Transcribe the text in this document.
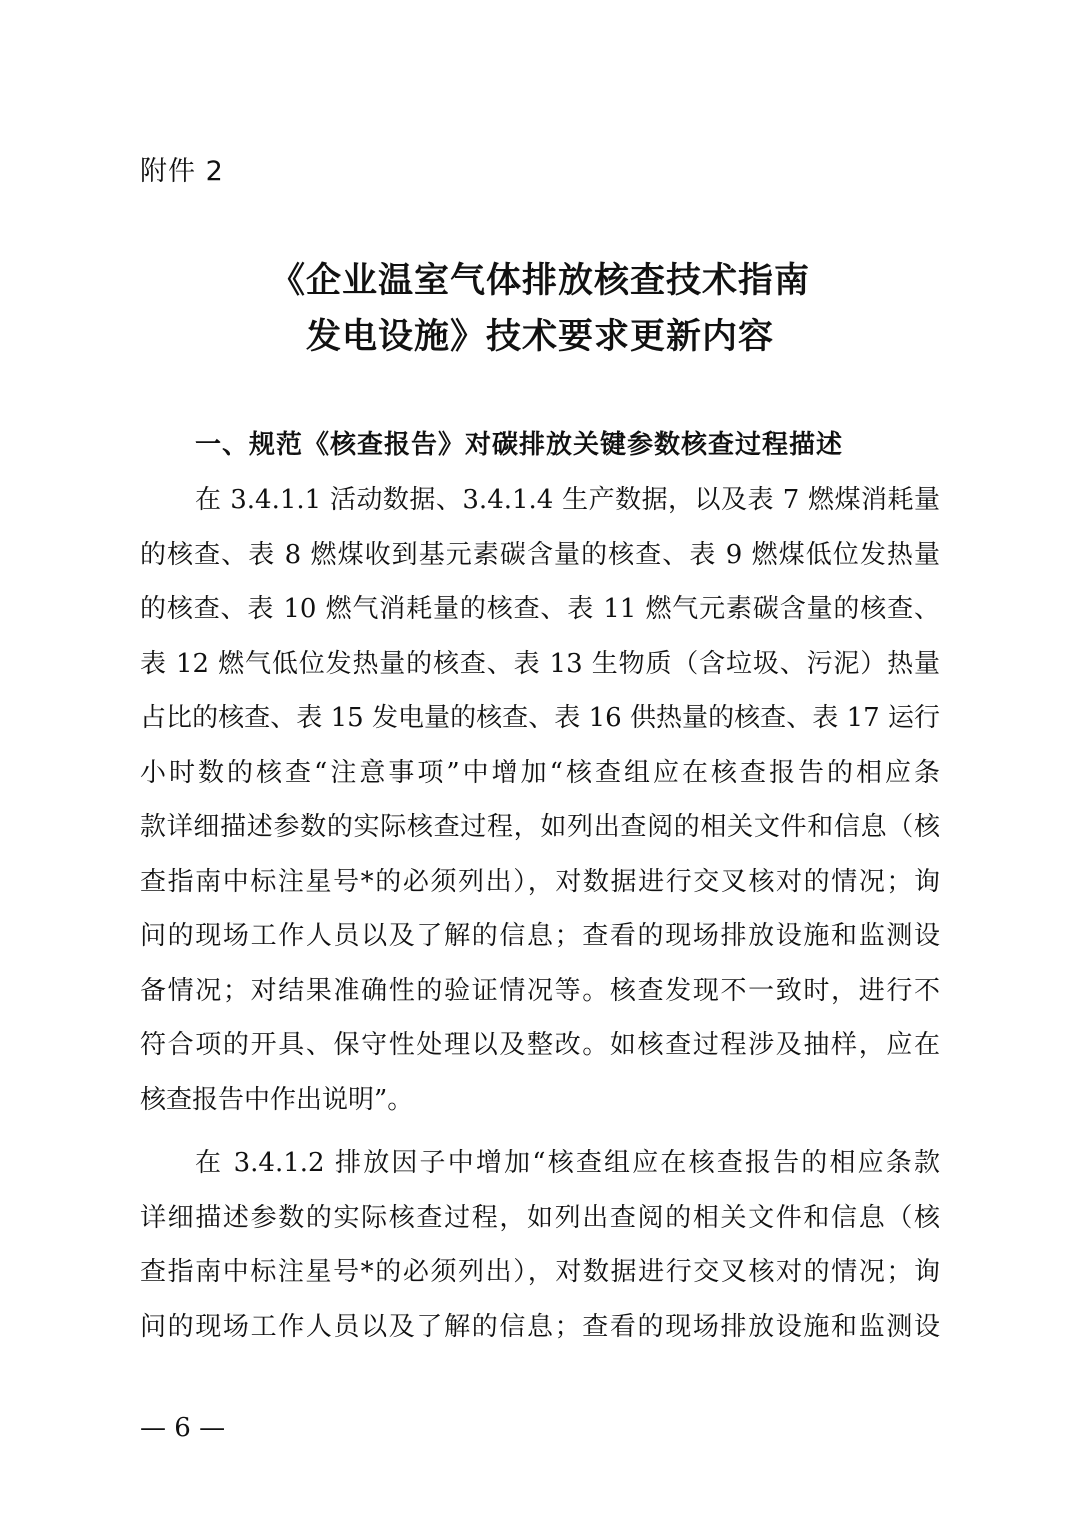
附件 2

《企业温室气体排放核查技术指南
发电设施》技术要求更新内容
一、规范《核查报告》对碳排放关键参数核查过程描述
在 3.4.1.1 活动数据、3.4.1.4 生产数据，以及表 7 燃煤消耗量
的核查、表 8 燃煤收到基元素碳含量的核查、表 9 燃煤低位发热量
的核查、表 10 燃气消耗量的核查、表 11 燃气元素碳含量的核查、
表 12 燃气低位发热量的核查、表 13 生物质（含垃圾、污泥）热量
占比的核查、表 15 发电量的核查、表 16 供热量的核查、表 17 运行
小时数的核查“注意事项”中增加“核查组应在核查报告的相应条
款详细描述参数的实际核查过程，如列出查阅的相关文件和信息（核
查指南中标注星号*的必须列出），对数据进行交叉核对的情况；询
问的现场工作人员以及了解的信息；查看的现场排放设施和监测设
备情况；对结果准确性的验证情况等。核查发现不一致时，进行不
符合项的开具、保守性处理以及整改。如核查过程涉及抽样，应在
核查报告中作出说明”。
在 3.4.1.2 排放因子中增加“核查组应在核查报告的相应条款
详细描述参数的实际核查过程，如列出查阅的相关文件和信息（核
查指南中标注星号*的必须列出），对数据进行交叉核对的情况；询
问的现场工作人员以及了解的信息；查看的现场排放设施和监测设

— 6 —
